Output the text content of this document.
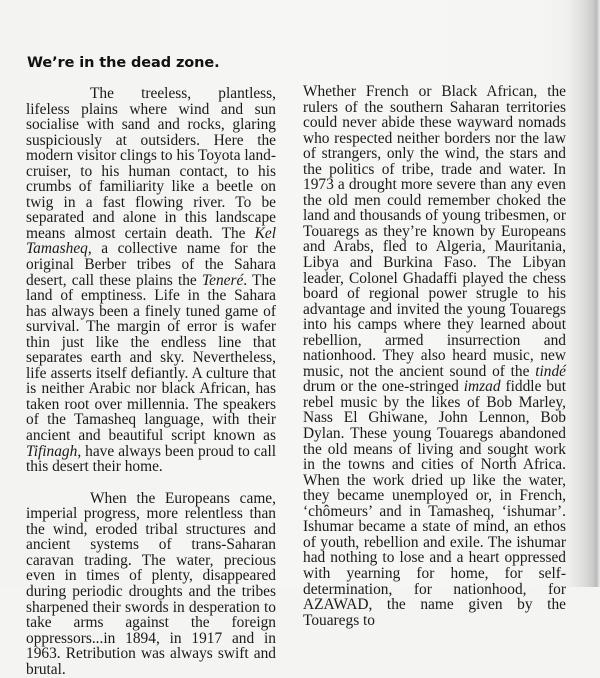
We’re in the dead zone.

The treeless, plantless, lifeless plains where wind and sun socialise with sand and rocks, glaring suspiciously at outsiders. Here the modern visitor clings to his Toyota land-cruiser, to his human contact, to his crumbs of familiarity like a beetle on twig in a fast flowing river. To be separated and alone in this landscape means almost certain death. The Kel Tamasheq, a collective name for the original Berber tribes of the Sahara desert, call these plains the Teneré. The land of emptiness. Life in the Sahara has always been a finely tuned game of survival. The margin of error is wafer thin just like the endless line that separates earth and sky. Nevertheless, life asserts itself defiantly. A culture that is neither Arabic nor black African, has taken root over millennia. The speakers of the Tamasheq language, with their ancient and beautiful script known as Tifinagh, have always been proud to call this desert their home.

When the Europeans came, imperial progress, more relentless than the wind, eroded tribal structures and ancient systems of trans-Saharan caravan trading. The water, precious even in times of plenty, disappeared during periodic droughts and the tribes sharpened their swords in desperation to take arms against the foreign oppressors...in 1894, in 1917 and in 1963. Retribution was always swift and brutal.

Whether French or Black African, the rulers of the southern Saharan territories could never abide these wayward nomads who respected neither borders nor the law of strangers, only the wind, the stars and the politics of tribe, trade and water. In 1973 a drought more severe than any even the old men could remember choked the land and thousands of young tribesmen, or Touaregs as they’re known by Europeans and Arabs, fled to Algeria, Mauritania, Libya and Burkina Faso. The Libyan leader, Colonel Ghadaffi played the chess board of regional power strugle to his advantage and invited the young Touaregs into his camps where they learned about rebellion, armed insurrection and nationhood. They also heard music, new music, not the ancient sound of the tindé drum or the one-stringed imzad fiddle but rebel music by the likes of Bob Marley, Nass El Ghiwane, John Lennon, Bob Dylan. These young Touaregs abandoned the old means of living and sought work in the towns and cities of North Africa. When the work dried up like the water, they became unemployed or, in French, ‘chômeurs’ and in Tamasheq, ‘ishumar’. Ishumar became a state of mind, an ethos of youth, rebellion and exile. The ishumar had nothing to lose and a heart oppressed with yearning for home, for self-determination, for nationhood, for AZAWAD, the name given by the Touaregs to
